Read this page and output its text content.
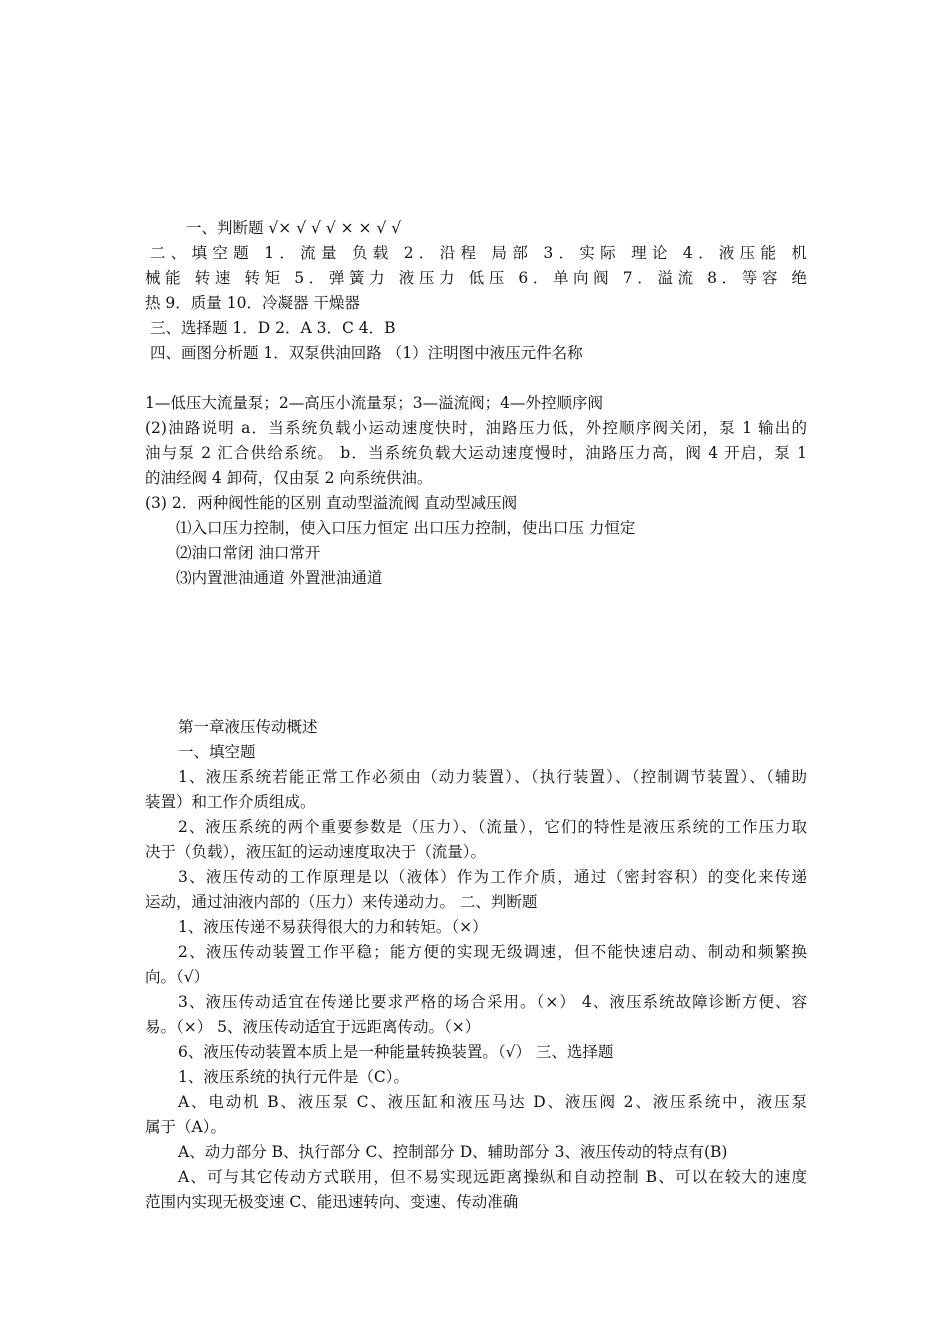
一、判断题 √× √ √ √ × × √ √
二、填空题 1．流量 负载 2．沿程 局部 3．实际 理论 4．液压能 机
械能 转速 转矩 5．弹簧力 液压力 低压 6．单向阀 7．溢流 8．等容 绝
热 9．质量 10．冷凝器 干燥器
三、选择题 1．D 2．A 3．C 4．B
四、画图分析题 1．双泵供油回路 （1）注明图中液压元件名称
1—低压大流量泵；2—高压小流量泵；3—溢流阀；4—外控顺序阀
(2)油路说明 a．当系统负载小运动速度快时，油路压力低，外控顺序阀关闭，泵 1 输出的
油与泵 2 汇合供给系统。 b．当系统负载大运动速度慢时，油路压力高，阀 4 开启，泵 1
的油经阀 4 卸荷，仅由泵 2 向系统供油。
(3) 2．两种阀性能的区别 直动型溢流阀 直动型减压阀
⑴入口压力控制，使入口压力恒定 出口压力控制，使出口压 力恒定
⑵油口常闭 油口常开
⑶内置泄油通道 外置泄油通道
第一章液压传动概述
一、填空题
1、液压系统若能正常工作必须由（动力装置）、（执行装置）、（控制调节装置）、（辅助
装置）和工作介质组成。
2、液压系统的两个重要参数是（压力）、（流量），它们的特性是液压系统的工作压力取
决于（负载），液压缸的运动速度取决于（流量）。
3、液压传动的工作原理是以（液体）作为工作介质，通过（密封容积）的变化来传递
运动，通过油液内部的（压力）来传递动力。 二、判断题
1、液压传递不易获得很大的力和转矩。（×）
2、液压传动装置工作平稳；能方便的实现无级调速，但不能快速启动、制动和频繁换
向。（√）
3、液压传动适宜在传递比要求严格的场合采用。（×） 4、液压系统故障诊断方便、容
易。（×） 5、液压传动适宜于远距离传动。（×）
6、液压传动装置本质上是一种能量转换装置。（√） 三、选择题
1、液压系统的执行元件是（C）。
A、电动机 B、液压泵 C、液压缸和液压马达 D、液压阀 2、液压系统中，液压泵
属于（A）。
A、动力部分 B、执行部分 C、控制部分 D、辅助部分 3、液压传动的特点有(B)
A、可与其它传动方式联用，但不易实现远距离操纵和自动控制 B、可以在较大的速度
范围内实现无极变速 C、能迅速转向、变速、传动准确
